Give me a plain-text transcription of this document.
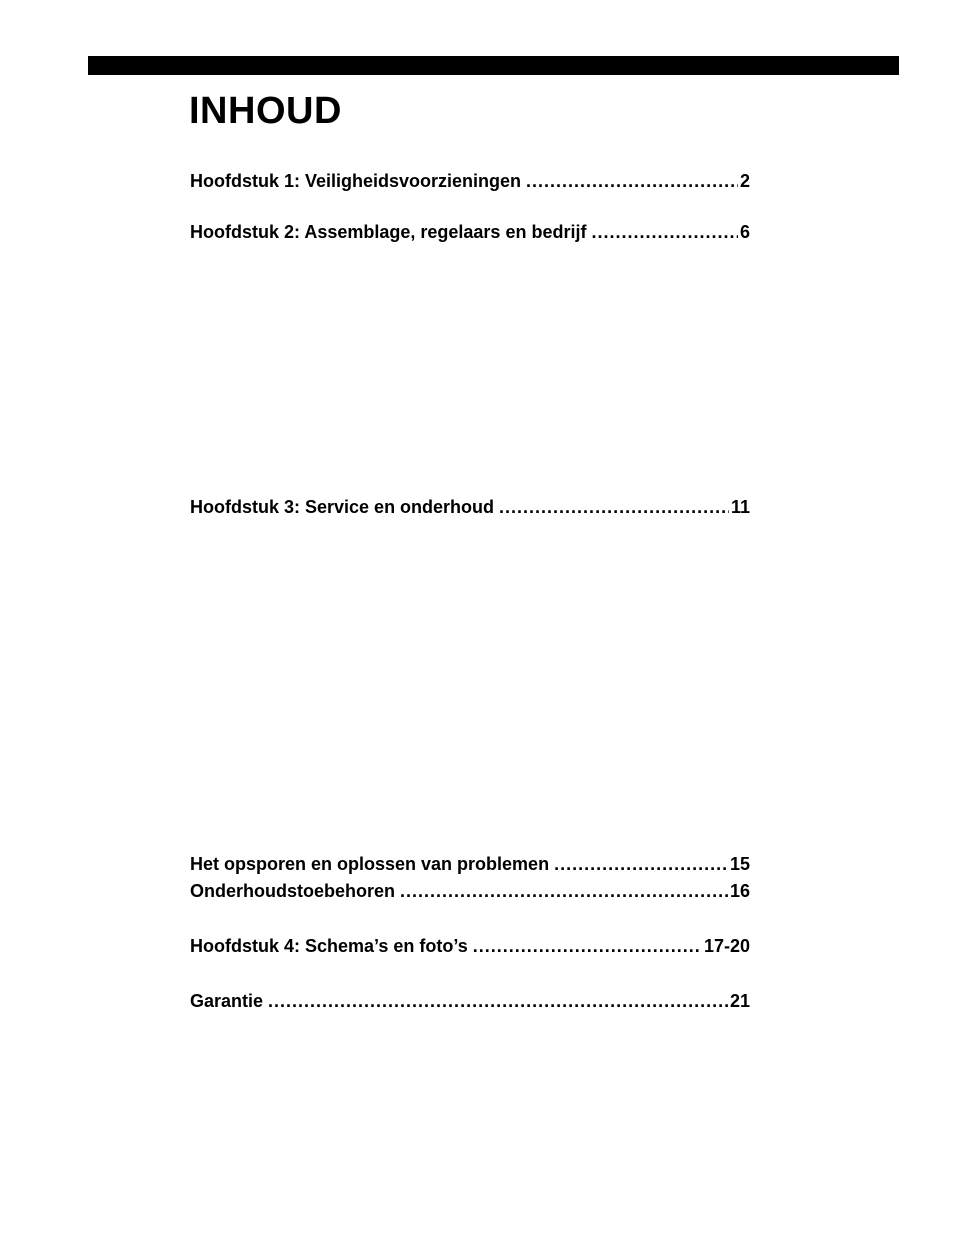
INHOUD
Hoofdstuk 1: Veiligheidsvoorzieningen .....	2
Hoofdstuk 2: Assemblage, regelaars en bedrijf .....	6
Hoofdstuk 3: Service en onderhoud .....	11
Het opsporen en oplossen van problemen .....	15
Onderhoudstoebehoren .....	16
Hoofdstuk 4: Schema’s en foto’s .....	17-20
Garantie .....	21
